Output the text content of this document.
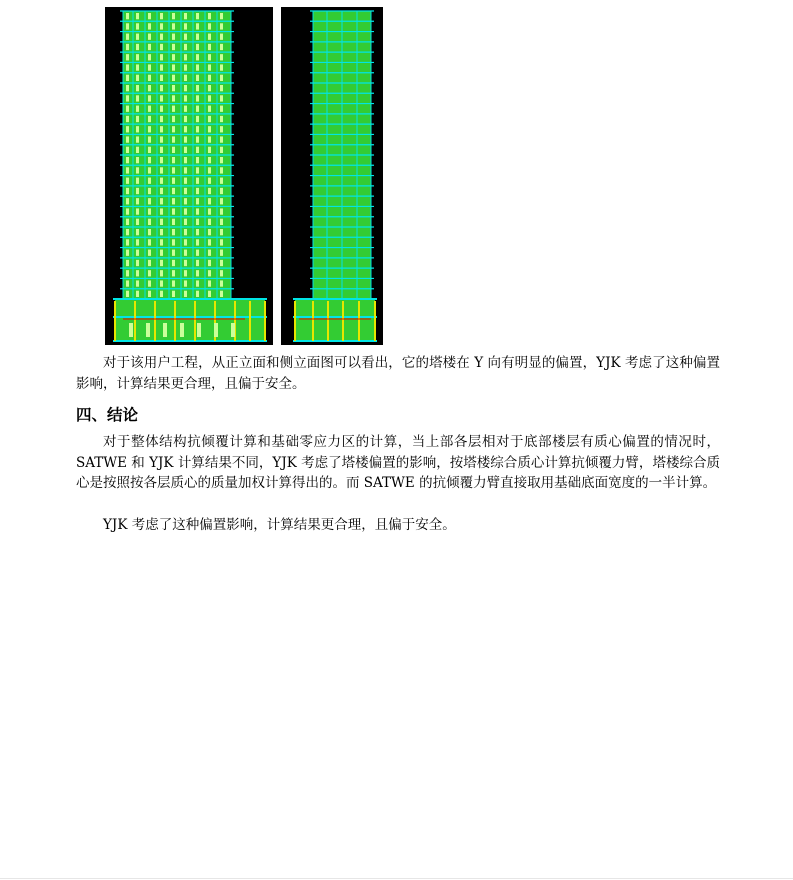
对于该用户工程，从正立面和侧立面图可以看出，它的塔楼在 Y 向有明显的偏置，YJK 考虑了这种偏置影响，计算结果更合理，且偏于安全。

四、结论

对于整体结构抗倾覆计算和基础零应力区的计算，当上部各层相对于底部楼层有质心偏置的情况时，SATWE 和 YJK 计算结果不同，YJK 考虑了塔楼偏置的影响，按塔楼综合质心计算抗倾覆力臂，塔楼综合质心是按照按各层质心的质量加权计算得出的。而 SATWE 的抗倾覆力臂直接取用基础底面宽度的一半计算。

YJK 考虑了这种偏置影响，计算结果更合理，且偏于安全。
